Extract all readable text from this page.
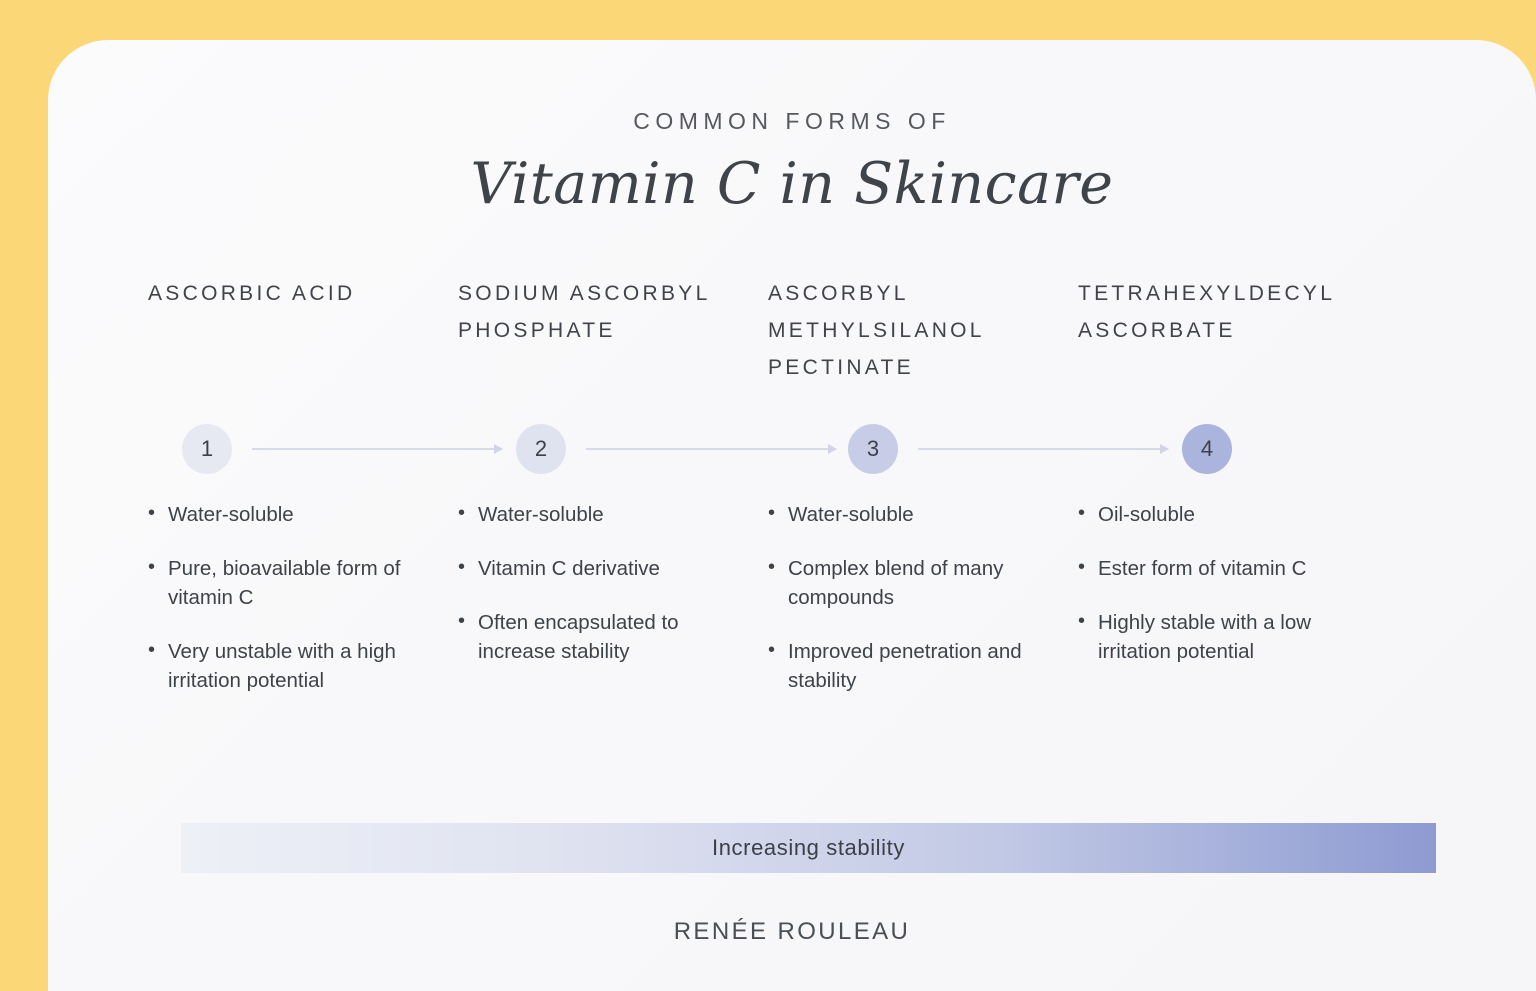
COMMON FORMS OF
Vitamin C in Skincare
ASCORBIC ACID	SODIUM ASCORBYL PHOSPHATE
ASCORBYL METHYLSILANOL PECTINATE
TETRAHEXYLDECYL ASCORBATE
1	2	3	4
• Water-soluble
• Pure, bioavailable form of vitamin C
• Very unstable with a high irritation potential
• Water-soluble
• Vitamin C derivative
• Often encapsulated to increase stability
• Water-soluble
• Complex blend of many compounds
• Improved penetration and stability
• Oil-soluble
• Ester form of vitamin C
• Highly stable with a low irritation potential
Increasing stability
RENÉE ROULEAU
